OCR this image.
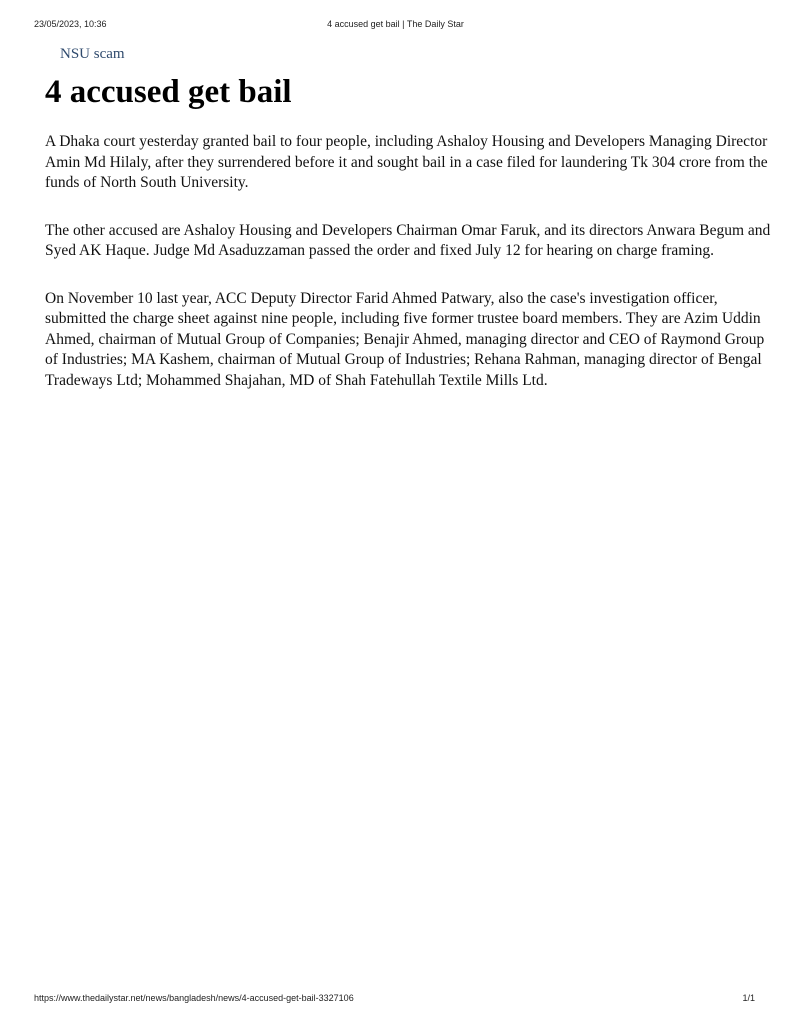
23/05/2023, 10:36	4 accused get bail | The Daily Star
NSU scam
4 accused get bail

A Dhaka court yesterday granted bail to four people, including Ashaloy Housing and Developers Managing Director Amin Md Hilaly, after they surrendered before it and sought bail in a case filed for laundering Tk 304 crore from the funds of North South University.

The other accused are Ashaloy Housing and Developers Chairman Omar Faruk, and its directors Anwara Begum and Syed AK Haque. Judge Md Asaduzzaman passed the order and fixed July 12 for hearing on charge framing.

On November 10 last year, ACC Deputy Director Farid Ahmed Patwary, also the case's investigation officer, submitted the charge sheet against nine people, including five former trustee board members. They are Azim Uddin Ahmed, chairman of Mutual Group of Companies; Benajir Ahmed, managing director and CEO of Raymond Group of Industries; MA Kashem, chairman of Mutual Group of Industries; Rehana Rahman, managing director of Bengal Tradeways Ltd; Mohammed Shajahan, MD of Shah Fatehullah Textile Mills Ltd.

https://www.thedailystar.net/news/bangladesh/news/4-accused-get-bail-3327106	1/1
